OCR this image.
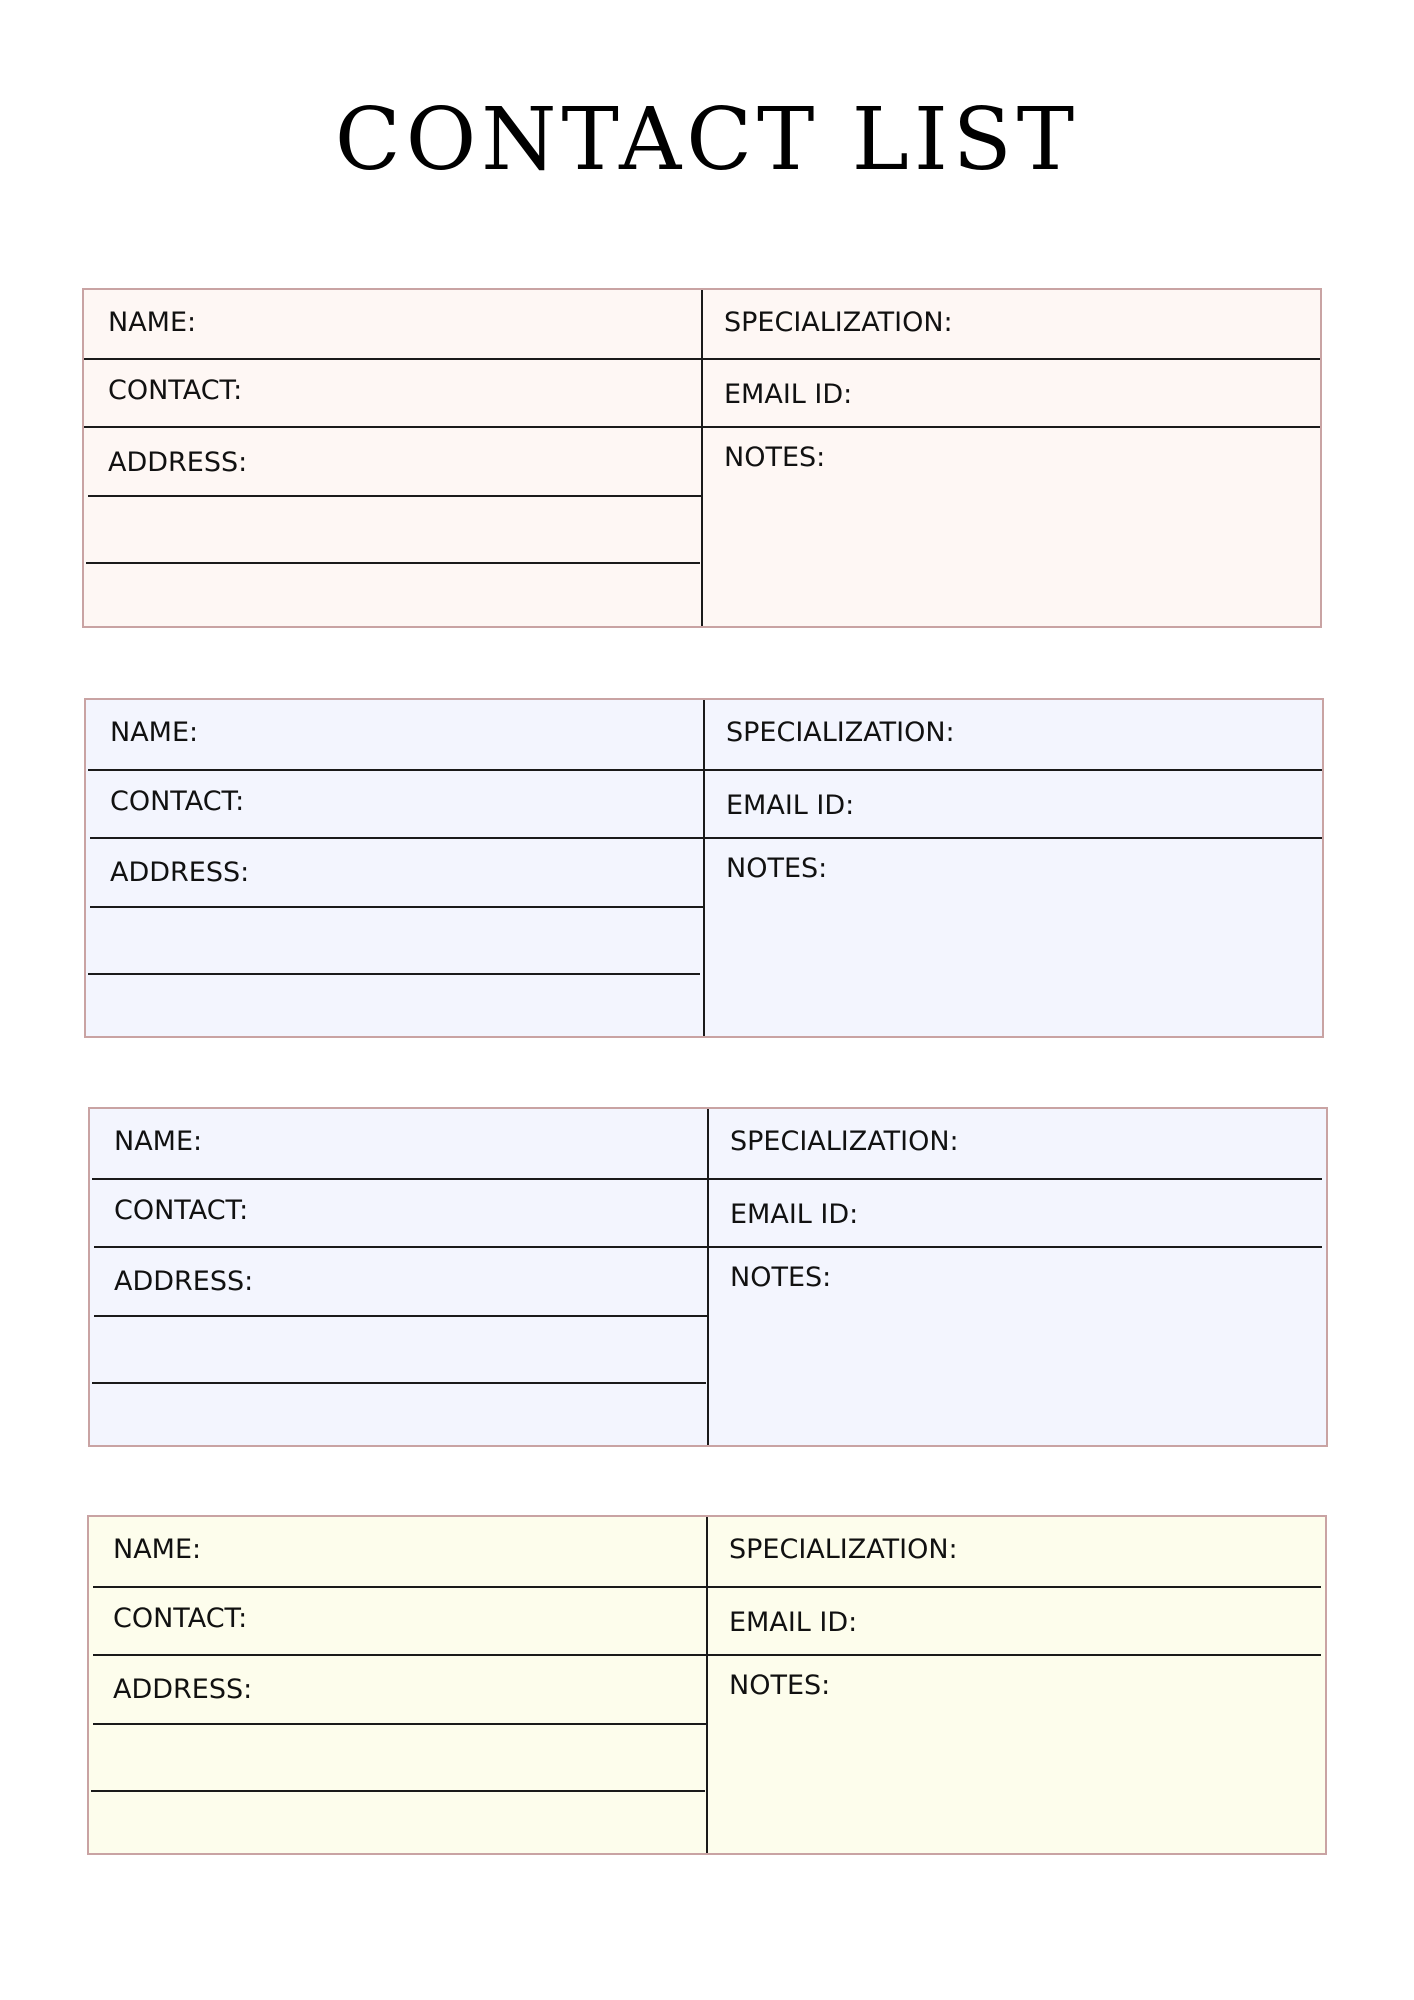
CONTACT LIST
NAME:
CONTACT:
ADDRESS:
SPECIALIZATION:
EMAIL ID:
NOTES:
NAME:
CONTACT:
ADDRESS:
SPECIALIZATION:
EMAIL ID:
NOTES:
NAME:
CONTACT:
ADDRESS:
SPECIALIZATION:
EMAIL ID:
NOTES:
NAME:
CONTACT:
ADDRESS:
SPECIALIZATION:
EMAIL ID:
NOTES:
